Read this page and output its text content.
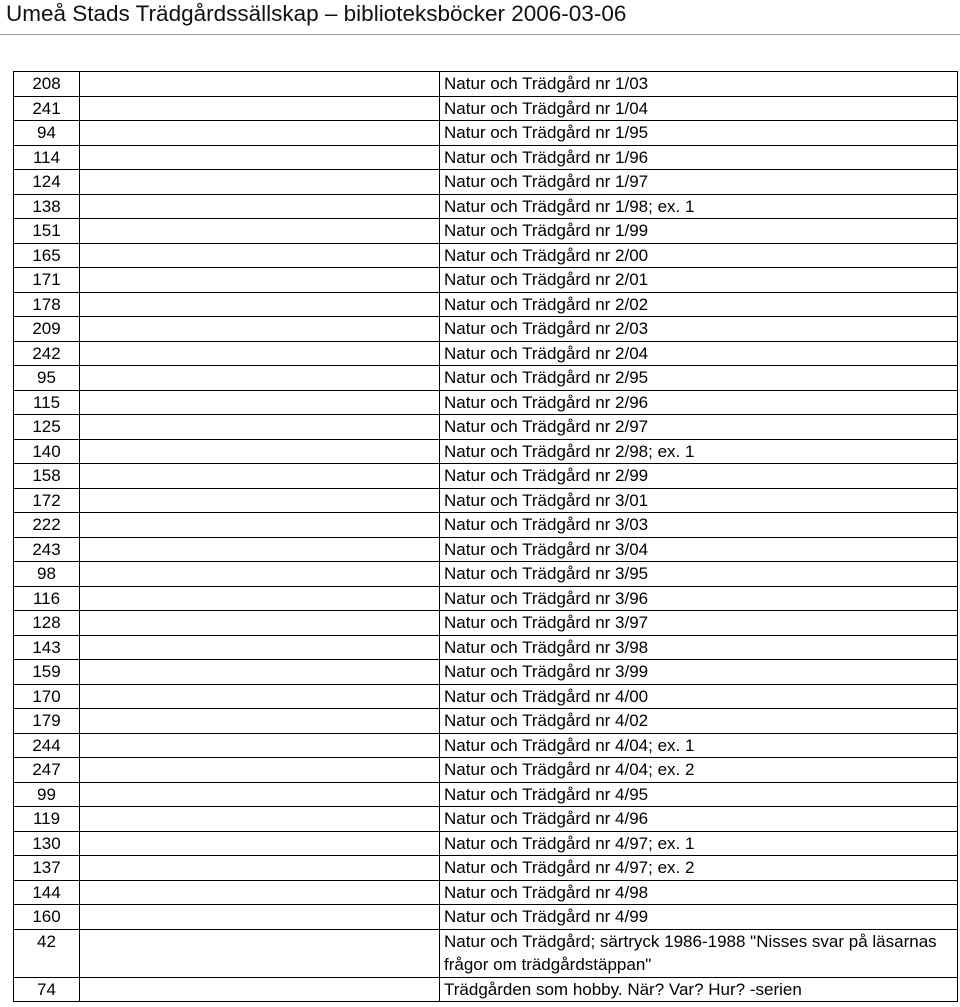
Umeå Stads Trädgårdssällskap – biblioteksböcker 2006-03-06
208		Natur och Trädgård nr 1/03
241		Natur och Trädgård nr 1/04
94		Natur och Trädgård nr 1/95
114		Natur och Trädgård nr 1/96
124		Natur och Trädgård nr 1/97
138		Natur och Trädgård nr 1/98; ex. 1
151		Natur och Trädgård nr 1/99
165		Natur och Trädgård nr 2/00
171		Natur och Trädgård nr 2/01
178		Natur och Trädgård nr 2/02
209		Natur och Trädgård nr 2/03
242		Natur och Trädgård nr 2/04
95		Natur och Trädgård nr 2/95
115		Natur och Trädgård nr 2/96
125		Natur och Trädgård nr 2/97
140		Natur och Trädgård nr 2/98; ex. 1
158		Natur och Trädgård nr 2/99
172		Natur och Trädgård nr 3/01
222		Natur och Trädgård nr 3/03
243		Natur och Trädgård nr 3/04
98		Natur och Trädgård nr 3/95
116		Natur och Trädgård nr 3/96
128		Natur och Trädgård nr 3/97
143		Natur och Trädgård nr 3/98
159		Natur och Trädgård nr 3/99
170		Natur och Trädgård nr 4/00
179		Natur och Trädgård nr 4/02
244		Natur och Trädgård nr 4/04; ex. 1
247		Natur och Trädgård nr 4/04; ex. 2
99		Natur och Trädgård nr 4/95
119		Natur och Trädgård nr 4/96
130		Natur och Trädgård nr 4/97; ex. 1
137		Natur och Trädgård nr 4/97; ex. 2
144		Natur och Trädgård nr 4/98
160		Natur och Trädgård nr 4/99
42		Natur och Trädgård; särtryck 1986-1988 "Nisses svar på läsarnas frågor om trädgårdstäppan"
74		Trädgården som hobby. När? Var? Hur? -serien
